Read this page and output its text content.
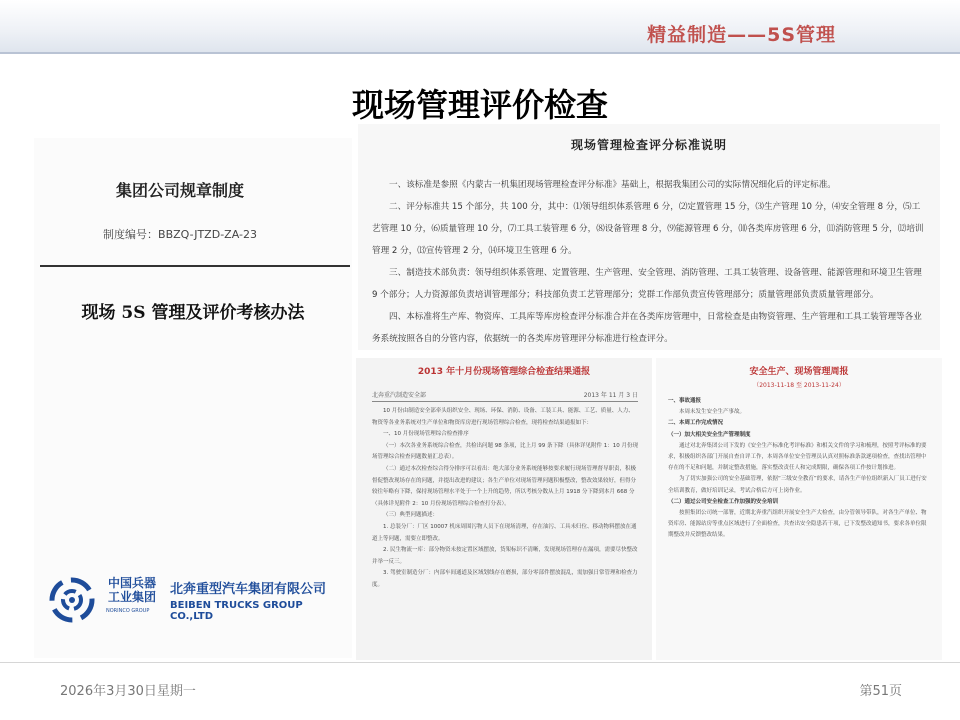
精益制造——5S管理
现场管理评价检查
集团公司规章制度
制度编号：BBZQ-JTZD-ZA-23
现场 5S 管理及评价考核办法
中国兵器
工业集团
NORINCO GROUP
北奔重型汽车集团有限公司
BEIBEN TRUCKS GROUP CO.,LTD
现场管理检查评分标准说明

一、该标准是参照《内蒙古一机集团现场管理检查评分标准》基础上，根据我集团公司的实际情况细化后的评定标准。

二、评分标准共 15 个部分，共 100 分，其中：⑴领导组织体系管理 6 分，⑵定置管理 15 分，⑶生产管理 10 分，⑷安全管理 8 分，⑸工艺管理 10 分，⑹质量管理 10 分，⑺工具工装管理 6 分，⑻设备管理 8 分，⑼能源管理 6 分，⑽各类库房管理 6 分，⑾消防管理 5 分，⑿培训管理 2 分，⒀宣传管理 2 分，⒁环境卫生管理 6 分。

三、制造技术部负责：领导组织体系管理、定置管理、生产管理、安全管理、消防管理、工具工装管理、设备管理、能源管理和环境卫生管理 9 个部分；人力资源部负责培训管理部分；科技部负责工艺管理部分；党群工作部负责宣传管理部分；质量管理部负责质量管理部分。

四、本标准将生产库、物资库、工具库等库房检查评分标准合并在各类库房管理中，日常检查是由物资管理、生产管理和工具工装管理等各业务系统按照各自的分管内容，依据统一的各类库房管理评分标准进行检查评分。

2013 年十月份现场管理综合检查结果通报
北奔重汽制造安全部	2013 年 11 月 3 日

10 月份由制造安全部牵头组织安全、现场、环保、消防、设备、工装工具、能源、工艺、质量、人力、物资等各业务系统对生产单位和物资库房进行现场管理综合检查，现将检查结果通报如下：

一、10 月份现场管理综合检查排序

（一）本次各业务系统综合检查，共检出问题 98 条项，比上月 99 条下降（具体详见附件 1：10 月份现场管理综合检查问题数量汇总表）。

（二）通过本次检查综合得分排序可以看出：绝大部分业务系统能够按要求履行现场管理督导职责，积极督促整改现场存在的问题，并提出改进的建议；各生产单位对现场管理问题积极整改，整改效果较好，但得分较往年略有下降，保持现场管理水平处于一个上升的趋势，所以考核分数从上月 1918 分下降到本月 668 分（具体详见附件 2：10 月份现场管理综合检查打分表）。

（三）典型问题描述：

1. 总装分厂：厂区 10007 机床周围污物人员下在现场清理，存在油污、工具未归位、移动物料摆放在通道上等问题，需要立即整改。

2. 民生物流一库：部分物资未按定置区域摆放，货架标识不清晰，发现现场管理存在漏项，需要尽快整改并举一反三。

3. 驾驶室制造分厂：内部车间通道及区域划线存在磨损，部分零部件摆放混乱，需加强日常管理和检查力度。

安全生产、现场管理周报
（2013-11-18 至 2013-11-24）

一、事故通报

本周未发生安全生产事故。

二、本周工作完成情况

（一）加大相关安全生产管理制度

通过对北奔集团公司下发的《安全生产标准化考评标准》和相关文件的学习和梳理，按照考评标准的要求，积极组织各部门开展自查自评工作，本周各单位安全管理员认真对照标准条款逐项检查，查找出管理中存在的不足和问题，并制定整改措施，落实整改责任人和完成期限，确保各项工作按计划推进。

为了切实加强公司的安全基础管理，依据“三级安全教育”的要求，请各生产单位组织新入厂员工进行安全培训教育，做好培训记录，考试合格后方可上岗作业。

（二）通过公司安全检查工作加强的安全培训

按照集团公司统一部署，近期北奔重汽组织开展安全生产大检查，由分管领导带队，对各生产单位、物资库房、能源站房等重点区域进行了全面检查，共查出安全隐患若干项，已下发整改通知书，要求各单位限期整改并反馈整改结果。

2026年3月30日星期一	第51页
